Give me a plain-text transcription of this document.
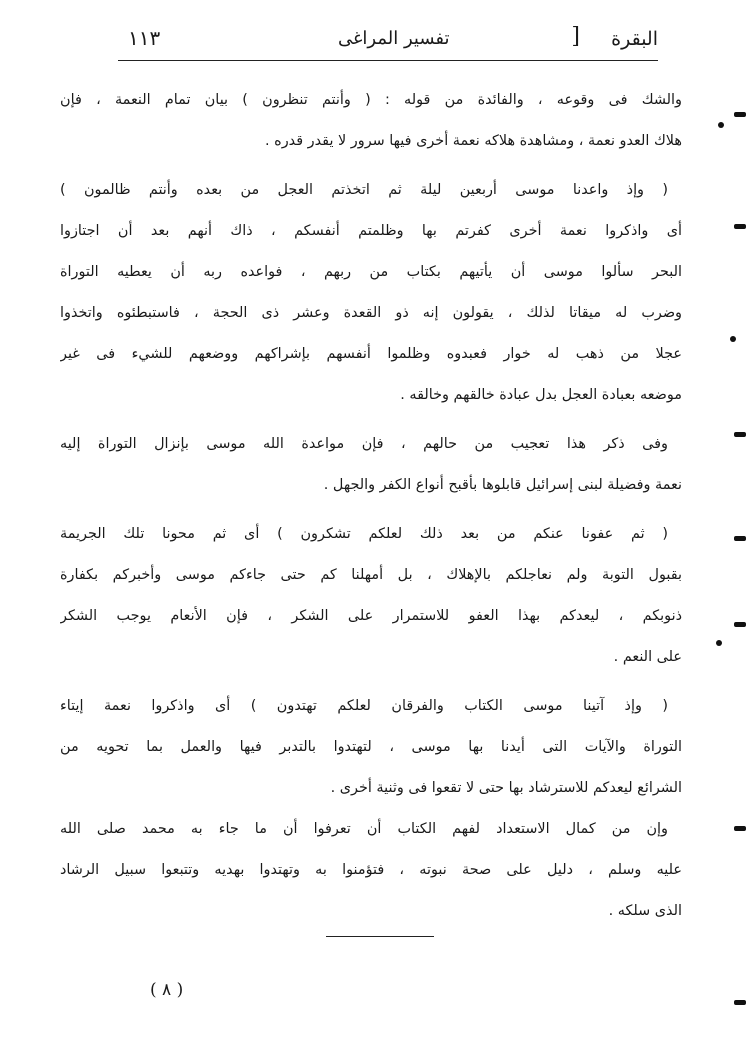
البقرة
]
تفسير المراغى
١١٣
والشك فى وقوعه ، والفائدة من قوله : ( وأنتم تنظرون ) بيان تمام النعمة ، فإن
هلاك العدو نعمة ، ومشاهدة هلاكه نعمة أخرى فيها سرور لا يقدر قدره .
( وإذ واعدنا موسى أربعين ليلة ثم اتخذتم العجل من بعده وأنتم ظالمون )
أى واذكروا نعمة أخرى كفرتم بها وظلمتم أنفسكم ، ذاك أنهم بعد أن اجتازوا
البحر سألوا موسى أن يأتيهم بكتاب من ربهم ، فواعده ربه أن يعطيه التوراة
وضرب له ميقاتا لذلك ، يقولون إنه ذو القعدة وعشر ذى الحجة ، فاستبطئوه واتخذوا
عجلا من ذهب له خوار فعبدوه وظلموا أنفسهم بإشراكهم ووضعهم للشيء فى غير
موضعه بعبادة العجل بدل عبادة خالقهم وخالقه .
وفى ذكر هذا تعجيب من حالهم ، فإن مواعدة الله موسى بإنزال التوراة إليه
نعمة وفضيلة لبنى إسرائيل قابلوها بأقبح أنواع الكفر والجهل .
( ثم عفونا عنكم من بعد ذلك لعلكم تشكرون ) أى ثم محونا تلك الجريمة
بقبول التوبة ولم نعاجلكم بالإهلاك ، بل أمهلنا كم حتى جاءكم موسى وأخبركم بكفارة
ذنوبكم ، ليعدكم بهذا العفو للاستمرار على الشكر ، فإن الأنعام يوجب الشكر
على النعم .
( وإذ آتينا موسى الكتاب والفرقان لعلكم تهتدون ) أى واذكروا نعمة إيتاء
التوراة والآيات التى أيدنا بها موسى ، لتهتدوا بالتدبر فيها والعمل بما تحويه من
الشرائع ليعدكم للاسترشاد بها حتى لا تقعوا فى وثنية أخرى .
وإن من كمال الاستعداد لفهم الكتاب أن تعرفوا أن ما جاء به محمد صلى الله
عليه وسلم ، دليل على صحة نبوته ، فتؤمنوا به وتهتدوا بهديه وتتبعوا سبيل الرشاد
الذى سلكه .
( ٨ )
